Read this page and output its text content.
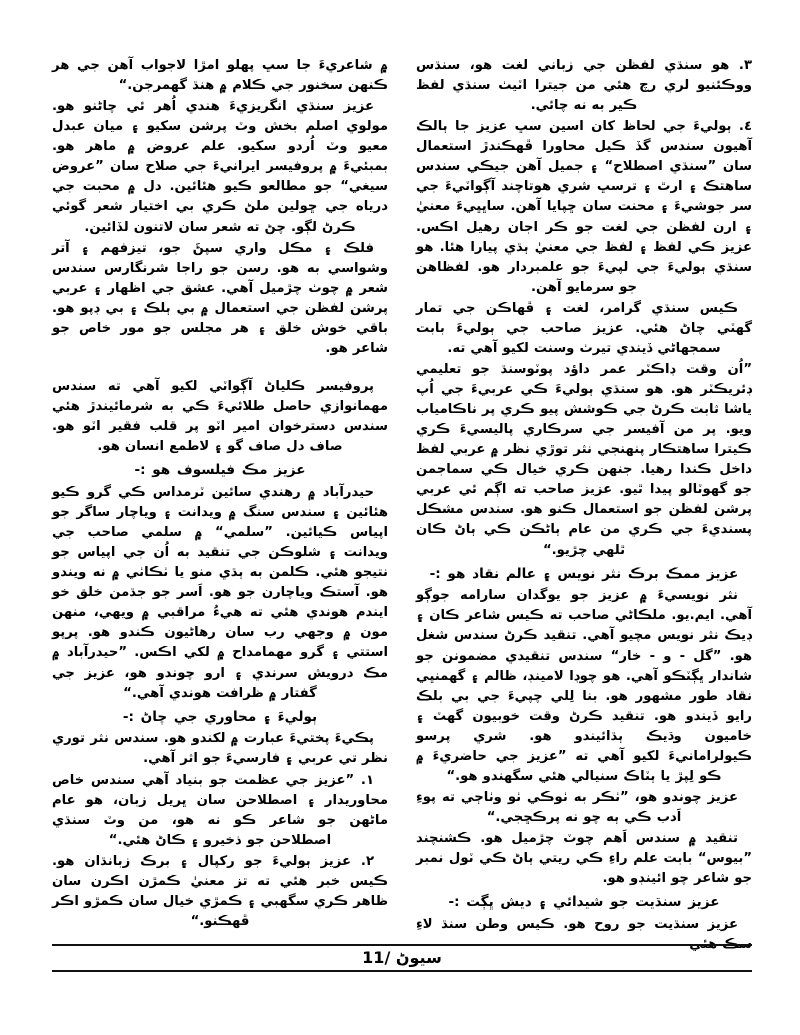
۾ شاعريءَ جا سڀ پهلو امڙا لاجواب آهن جي هر ڪنهن سخنور جي ڪلام ۾ هنڌ گهمرجن.“

عزيز سنڌي انگريزيءَ هندي اُهر ئي چاڻنو هو. مولوي اصلم بخش وٽ پرشن سکيو ۽ ميان عبدل معيو وٽ اُردو سکيو. علم عروض ۾ ماهر هو. بمبئيءَ ۾ پروفيسر ايرانيءَ جي صلاح سان ”عروض سيغي“ جو مطالعو ڪيو هئائين. دل ۾ محبت جي درياه جي ڇولين ملڻ ڪري بي اختيار شعر گوئي ڪرڻ لڳو. چڻ ته شعر سان لاتنون لڏائين.

فلڪ ۽ مڪل واري سپڻَ جو، تيزفهم ۽ آتر وشواسي به هو. رسن جو راجا شرنگارس سندس شعر ۾ چوٺ چڙميل آهي. عشق جي اظهار ۽ عربي پرشن لفظن جي استعمال ۾ بي ٻلڪ ۽ بي ڊپو هو. باقي خوش خلق ۽ هر مجلس جو مور خاص جو شاعر هو.

پروفيسر ڪلياڻ آڳواٽي لکيو آهي ته سندس مهمانوازي حاصل طلائيءَ ڪي به شرمائيندڙ هئي سندس دسترخوان امير اٽو پر قلب فقير اٽو هو. صاف دل صاف گو ۽ لاطمع انسان هو.

عزيز مڪ فيلسوف هو :-

حيدرآباد ۾ رهندي سائين ٽرمداس ڪي گرو ڪيو هئائين ۽ سندس سنگ ۾ ويدانت ۽ وياچار ساگر جو اپياس ڪيائين. ”سلمي“ ۾ سلمي صاحب جي ويدانت ۽ شلوڪن جي تنقيد به اُن جي اپياس جو نتيجو هئي. ڪلمن به ٻڌي منو يا ٺڪاٺي ۾ نه ويندو هو. آستڪ وياچارن جو هو. اَسر جو جڌمن خلق خو ايندم هوندي هئي ته هيءُ مراقبي ۾ ويهي، منهن مون ۾ وجهي رب سان رهاڻيون ڪندو هو. پرپو استتي ۽ گرو مهمامداح ۾ لکي اڪس. ”حيدرآباد ۾ مڪ درويش سرندي ۽ ارو چوندو هو، عزيز جي گفتار ۾ ظرافت هوندي آهي.“

ٻوليءَ ۽ محاوري جي چاڻ :-

پڪيءَ پختيءَ عبارت ۾ لکندو هو. سندس نثر توري نظر تي عربي ۽ فارسيءَ جو اثر آهي.

١. ”عزيز جي عظمت جو بنياد آهي سندس خاص محاوريدار ۽ اصطلاحن سان ڀريل زبان، هو عام ماڻهن جو شاعر ڪو نه هو، من وٽ سنڌي اصطلاحن جو ذخيرو ۽ ڪاڻ هئي.“

٢. عزيز ٻوليءَ جو رکپال ۽ برڪ زبانڌان هو. ڪيس خبر هئي ته تز معنيٰ ڪمڙن اڪرن سان ظاهر ڪري سگهبي ۽ ڪمڙي خيال سان ڪمڙو اڪر ڦهڪنو.“

٣. هو سنڌي لفظن جي زباني لغت هو، سنڌس ووڪئنيو لري رچ هئي من جيترا اٽيٺ سنڌي لفظ ڪير به نه چائي.

٤. ٻوليءَ جي لحاظ کان اسين سڀ عزيز جا ٻالڪ آهيون سندس گڏ ڪيل محاورا ڦهڪندڙ استعمال سان ”سنڌي اصطلاح“ ۽ جميل آهن جيڪي سندس ساهتڪ ۽ ارٿ ۽ ترسڀ شري هوتاچند آڳواٽيءَ جي سر جوشيءَ ۽ محنت سان ڇپايا آهن. ساڀڀيءَ معنيٰ ۽ ارن لفظن جي لغت جو ڪر اجان رهيل اڪس. عزيز ڪي لفظ ۽ لفظ جي معنيٰ ٻڌي پيارا هئا. هو سنڌي ٻوليءَ جي لپيءَ جو علمبردار هو. لفظاهن جو سرمايو آهن.

ڪيس سنڌي گرامر، لغت ۽ ڦهاڪن جي تمار گهٽي چاڻ هئي. عزيز صاحب جي ٻوليءَ بابت سمجهاڻي ڏيندي تيرٺ وسنت لکيو آهي ته.

”اُن وقت ڊاڪٽر عمر داؤد پوٽوسنڌ جو تعليمي ڊئريڪٽر هو. هو سنڌي ٻوليءَ ڪي عربيءَ جي اُپ ياشا ثابت ڪرڻ جي ڪوشش پيو ڪري پر ناڪامياب ويو. پر من آفيسر جي سرڪاري پاليسيءَ ڪري ڪيترا ساهتڪار پنهنجي نثر توڙي نظر ۾ عربي لفظ داخل ڪندا رهيا. جنهن ڪري خيال ڪي سماجمن جو گهوٽالو پيدا ٿيو. عزيز صاحب ته اڳم ئي عربي پرشن لفظن جو استعمال ڪنو هو. سندس مشڪل پسنديءَ جي ڪري من عام ٻاڻڪن ڪي ٻاڻ ڪان ٿلهي چڙيو.“

عزيز ممڪ برڪ نثر نويس ۽ عالم نقاد هو :-

نثر نويسيءَ ۾ عزيز جو يوگدان سارامه جوڳو آهي. ايم.يو. ملڪاڻي صاحب ته ڪيس شاعر ڪان ۽ ڊيڪ نثر نويس مچيو آهي. تنقيد ڪرڻ سندس شغل هو. ”گل - و - خار“ سندس تنقيدي مضمونن جو شاندار ڀڳٽڪو آهي. هو چوڊا لامينڊ، ظالم ۽ گهمنڀي نقاد طور مشهور هو. بنا لِلي چپيءَ جي بي بلڪ رايو ڏيندو هو. تنقيد ڪرڻ وقت خوبيون گهٽ ۽ خاميون وڌيڪ ٻڌائيندو هو. شري پرسو ڪيولرامانيءَ لکيو آهي ته ”عزيز جي حاضريءَ ۾ ڪو لِپڙ يا ٻٽاڪ سنيالي هئي سگهندو هو.“

عزيز چوندو هو، ”ٺڪر به ٺوڪي ٺو وٺاڄي ته پوءِ اَدب ڪي ٻه چو نه پرڪڇجي.“

تنقيد ۾ سندس اَهم چوٽ چڙميل هو. ڪشنچند ”بيوس“ بابت علم راءِ ڪي ريتي ٻاڻ ڪي ٽول نمبر جو شاعر چو ائينڊو هو.

عزيز سنڌيت جو شيدائي ۽ ديش ڀڳت :-

عزيز سنڌيت جو روح هو. ڪيس وطن سنڌ لاءِ سڪ هئي

سيوڻ /11
